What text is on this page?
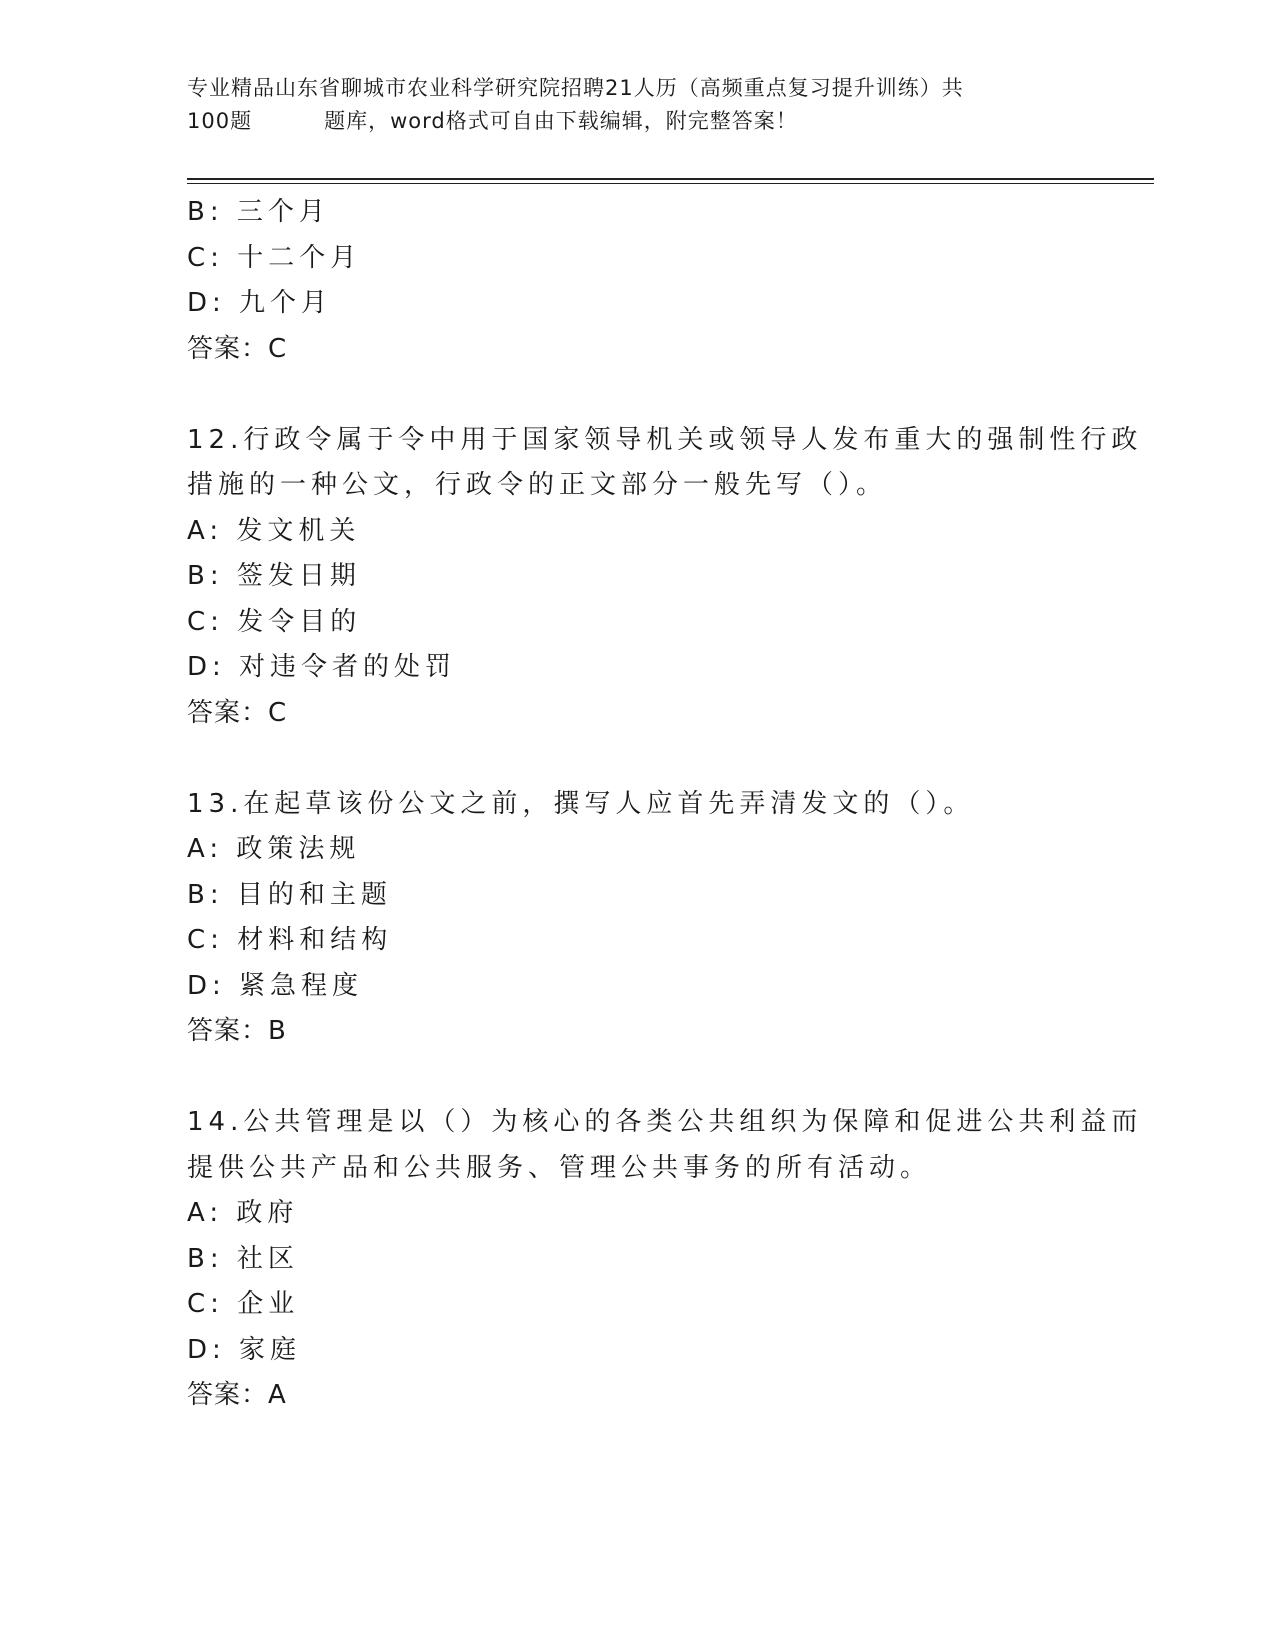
专业精品山东省聊城市农业科学研究院招聘21人历（高频重点复习提升训练）共
100题	题库，word格式可自由下载编辑，附完整答案！
B: 三个月
C: 十二个月
D: 九个月
答案：C
12.行政令属于令中用于国家领导机关或领导人发布重大的强制性行政
措施的一种公文，行政令的正文部分一般先写（）。
A: 发文机关
B: 签发日期
C: 发令目的
D: 对违令者的处罚
答案：C
13.在起草该份公文之前，撰写人应首先弄清发文的（）。
A: 政策法规
B: 目的和主题
C: 材料和结构
D: 紧急程度
答案：B
14.公共管理是以（）为核心的各类公共组织为保障和促进公共利益而
提供公共产品和公共服务、管理公共事务的所有活动。
A: 政府
B: 社区
C: 企业
D: 家庭
答案：A
